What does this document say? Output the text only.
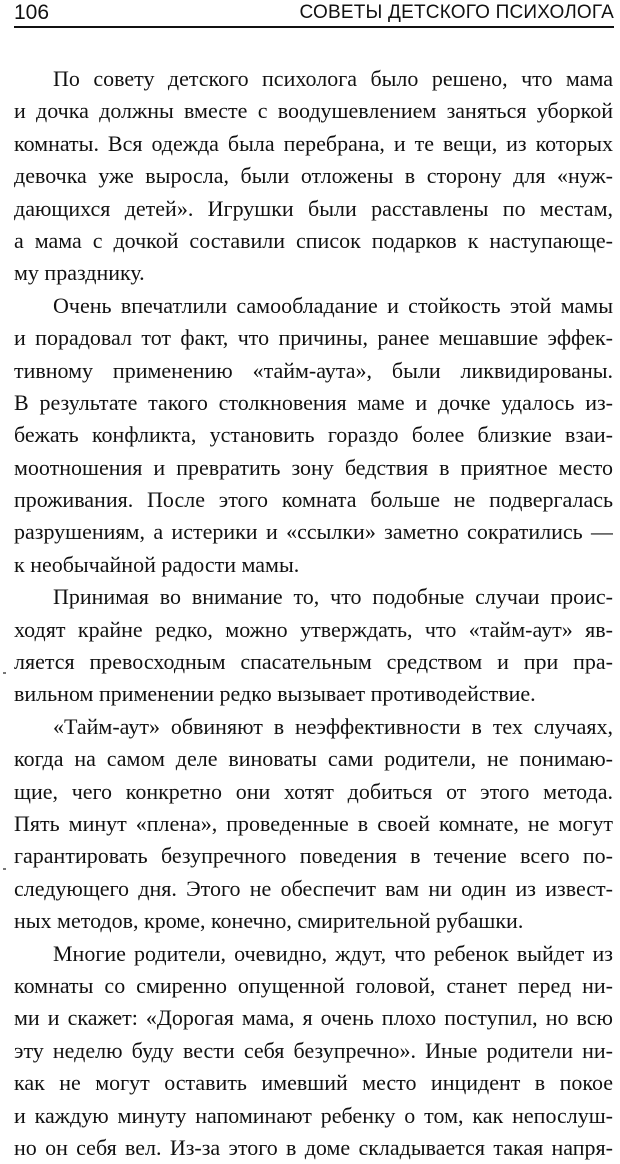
106	СОВЕТЫ ДЕТСКОГО ПСИХОЛОГА
По совету детского психолога было решено, что мама
и дочка должны вместе с воодушевлением заняться уборкой
комнаты. Вся одежда была перебрана, и те вещи, из которых
девочка уже выросла, были отложены в сторону для «нуж-
дающихся детей». Игрушки были расставлены по местам,
а мама с дочкой составили список подарков к наступающе-
му празднику.
Очень впечатлили самообладание и стойкость этой мамы
и порадовал тот факт, что причины, ранее мешавшие эффек-
тивному применению «тайм-аута», были ликвидированы.
В результате такого столкновения маме и дочке удалось из-
бежать конфликта, установить гораздо более близкие взаи-
моотношения и превратить зону бедствия в приятное место
проживания. После этого комната больше не подвергалась
разрушениям, а истерики и «ссылки» заметно сократились —
к необычайной радости мамы.
Принимая во внимание то, что подобные случаи проис-
ходят крайне редко, можно утверждать, что «тайм-аут» яв-
ляется превосходным спасательным средством и при пра-
вильном применении редко вызывает противодействие.
«Тайм-аут» обвиняют в неэффективности в тех случаях,
когда на самом деле виноваты сами родители, не понимаю-
щие, чего конкретно они хотят добиться от этого метода.
Пять минут «плена», проведенные в своей комнате, не могут
гарантировать безупречного поведения в течение всего по-
следующего дня. Этого не обеспечит вам ни один из извест-
ных методов, кроме, конечно, смирительной рубашки.
Многие родители, очевидно, ждут, что ребенок выйдет из
комнаты со смиренно опущенной головой, станет перед ни-
ми и скажет: «Дорогая мама, я очень плохо поступил, но всю
эту неделю буду вести себя безупречно». Иные родители ни-
как не могут оставить имевший место инцидент в покое
и каждую минуту напоминают ребенку о том, как непослуш-
но он себя вел. Из-за этого в доме складывается такая напря-
